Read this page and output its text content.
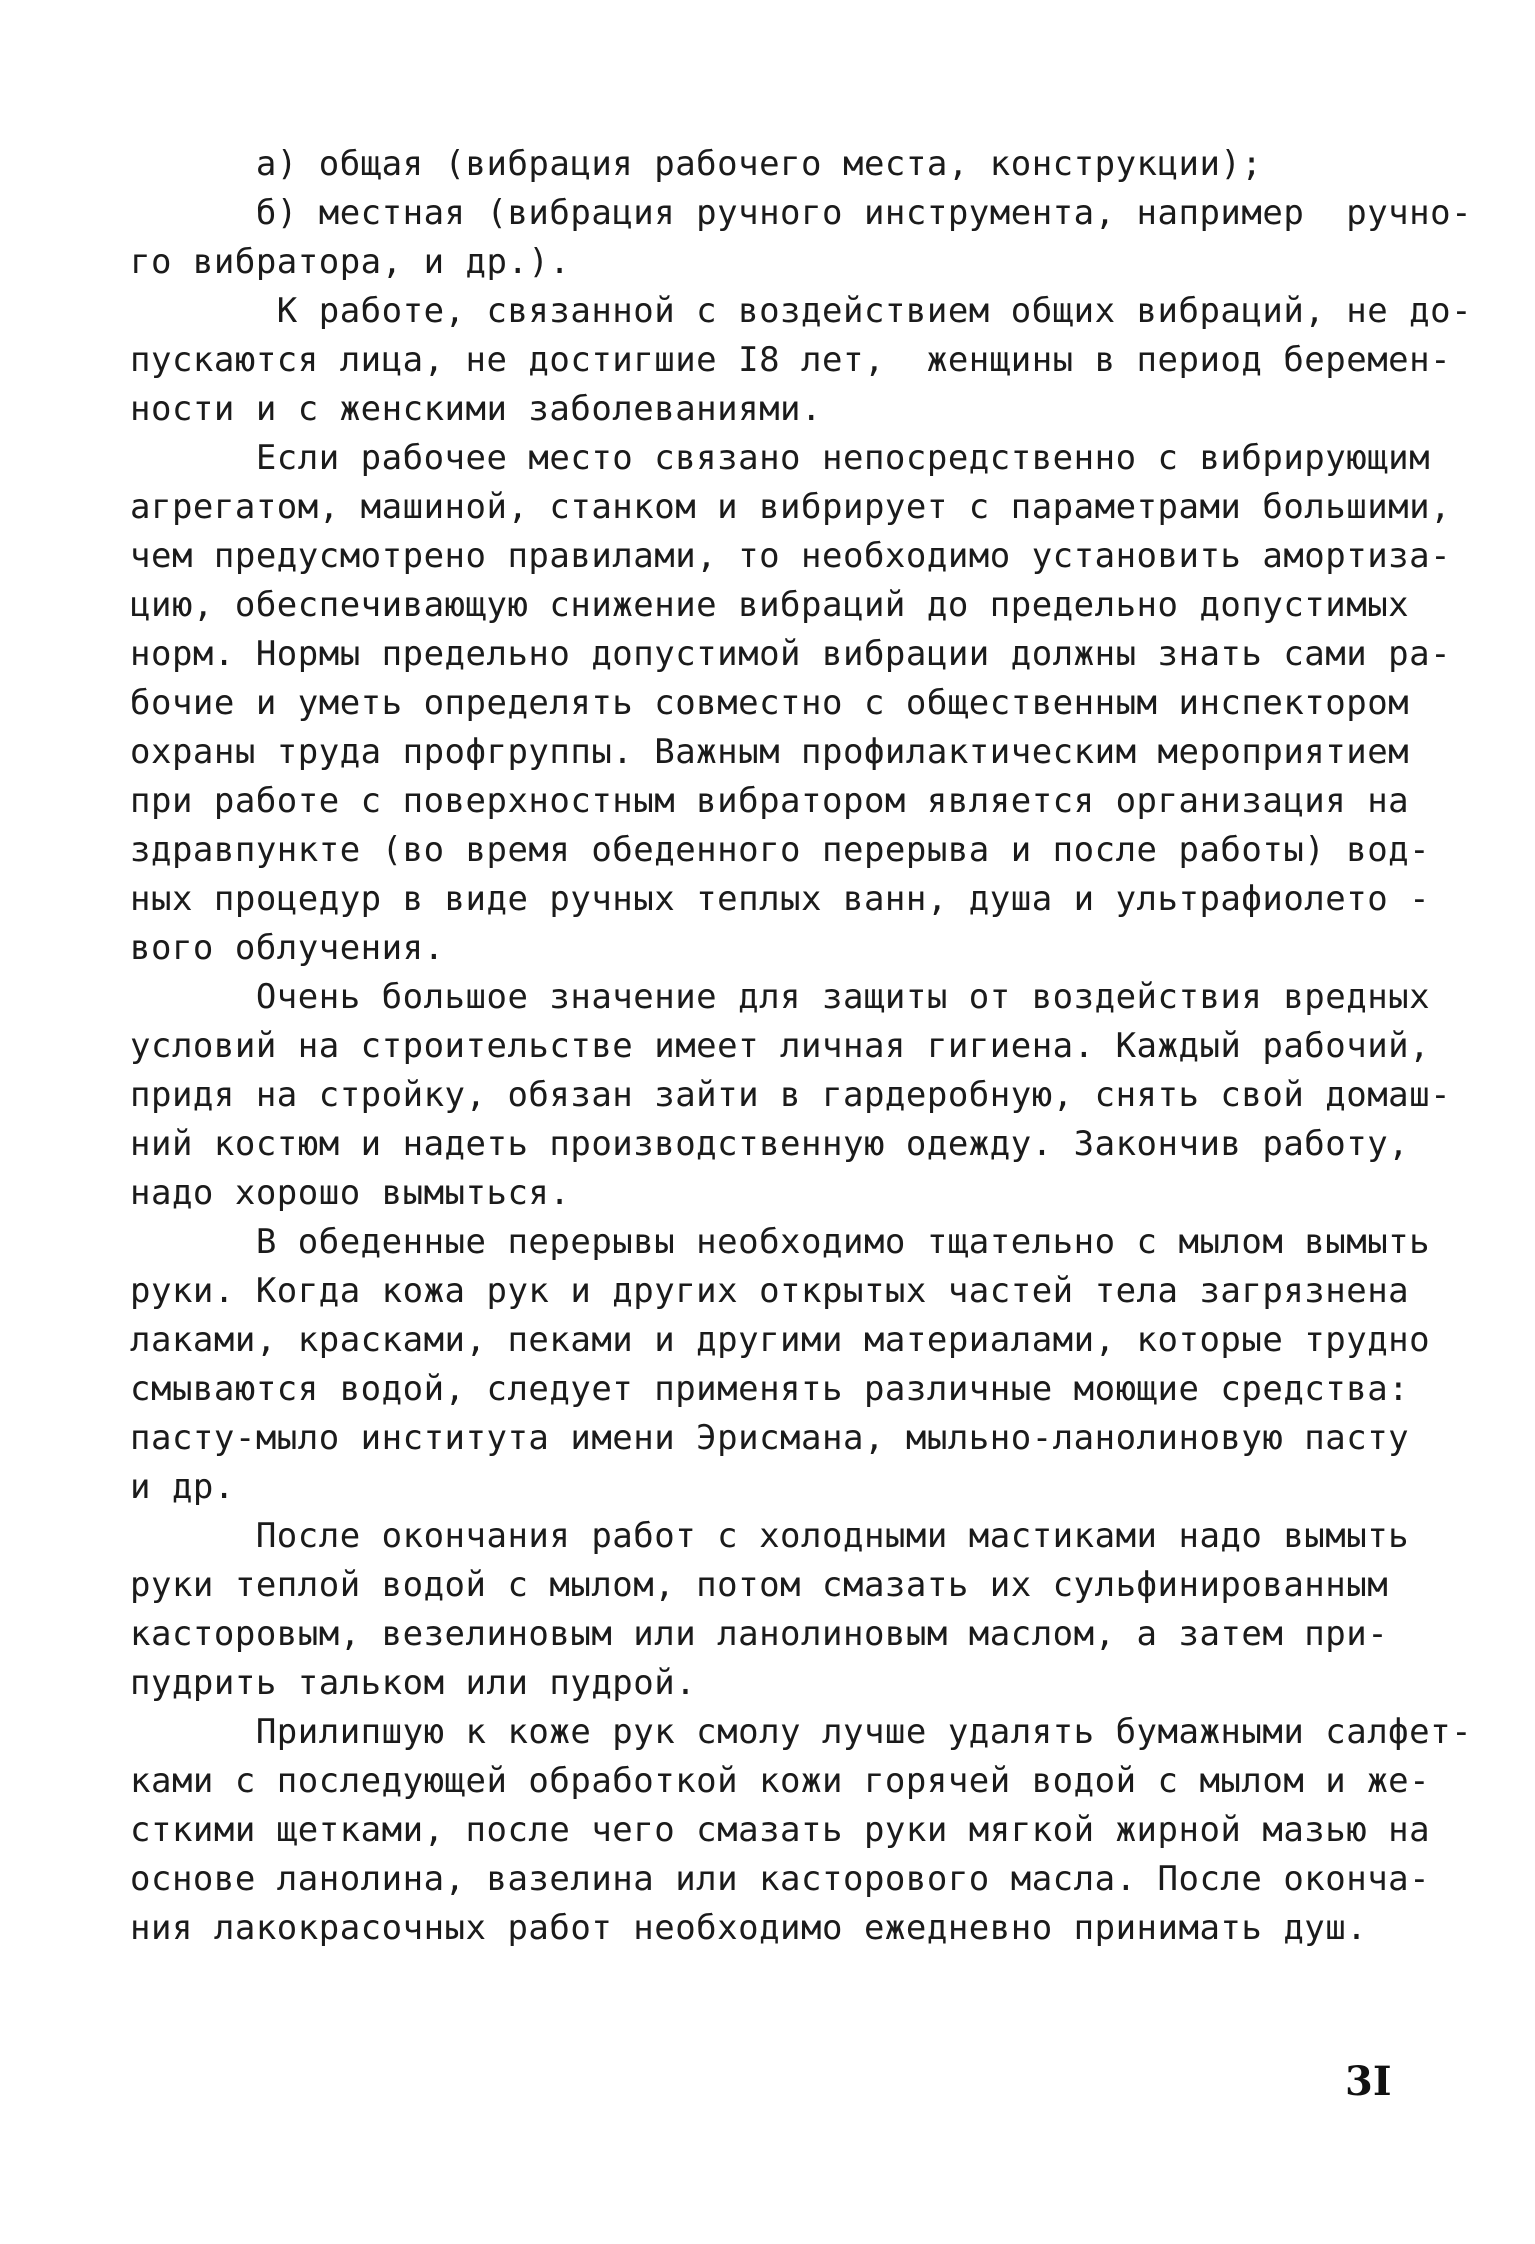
а) общая (вибрация рабочего места, конструкции);
б) местная (вибрация ручного инструмента, например  ручно-
го вибратора, и др.).
К работе, связанной с воздействием общих вибраций, не до-
пускаются лица, не достигшие I8 лет,  женщины в период беремен-
ности и с женскими заболеваниями.
Если рабочее место связано непосредственно с вибрирующим
агрегатом, машиной, станком и вибрирует с параметрами большими,
чем предусмотрено правилами, то необходимо установить амортиза-
цию, обеспечивающую снижение вибраций до предельно допустимых
норм. Нормы предельно допустимой вибрации должны знать сами ра-
бочие и уметь определять совместно с общественным инспектором
охраны труда профгруппы. Важным профилактическим мероприятием
при работе с поверхностным вибратором является организация на
здравпункте (во время обеденного перерыва и после работы) вод-
ных процедур в виде ручных теплых ванн, душа и ультрафиолето -
вого облучения.
Очень большое значение для защиты от воздействия вредных
условий на строительстве имеет личная гигиена. Каждый рабочий,
придя на стройку, обязан зайти в гардеробную, снять свой домаш-
ний костюм и надеть производственную одежду. Закончив работу,
надо хорошо вымыться.
В обеденные перерывы необходимо тщательно с мылом вымыть
руки. Когда кожа рук и других открытых частей тела загрязнена
лаками, красками, пеками и другими материалами, которые трудно
смываются водой, следует применять различные моющие средства:
пасту-мыло института имени Эрисмана, мыльно-ланолиновую пасту
и др.
После окончания работ с холодными мастиками надо вымыть
руки теплой водой с мылом, потом смазать их сульфинированным
касторовым, везелиновым или ланолиновым маслом, а затем при-
пудрить тальком или пудрой.
Прилипшую к коже рук смолу лучше удалять бумажными салфет-
ками с последующей обработкой кожи горячей водой с мылом и же-
сткими щетками, после чего смазать руки мягкой жирной мазью на
основе ланолина, вазелина или касторового масла. После оконча-
ния лакокрасочных работ необходимо ежедневно принимать душ.
3I
